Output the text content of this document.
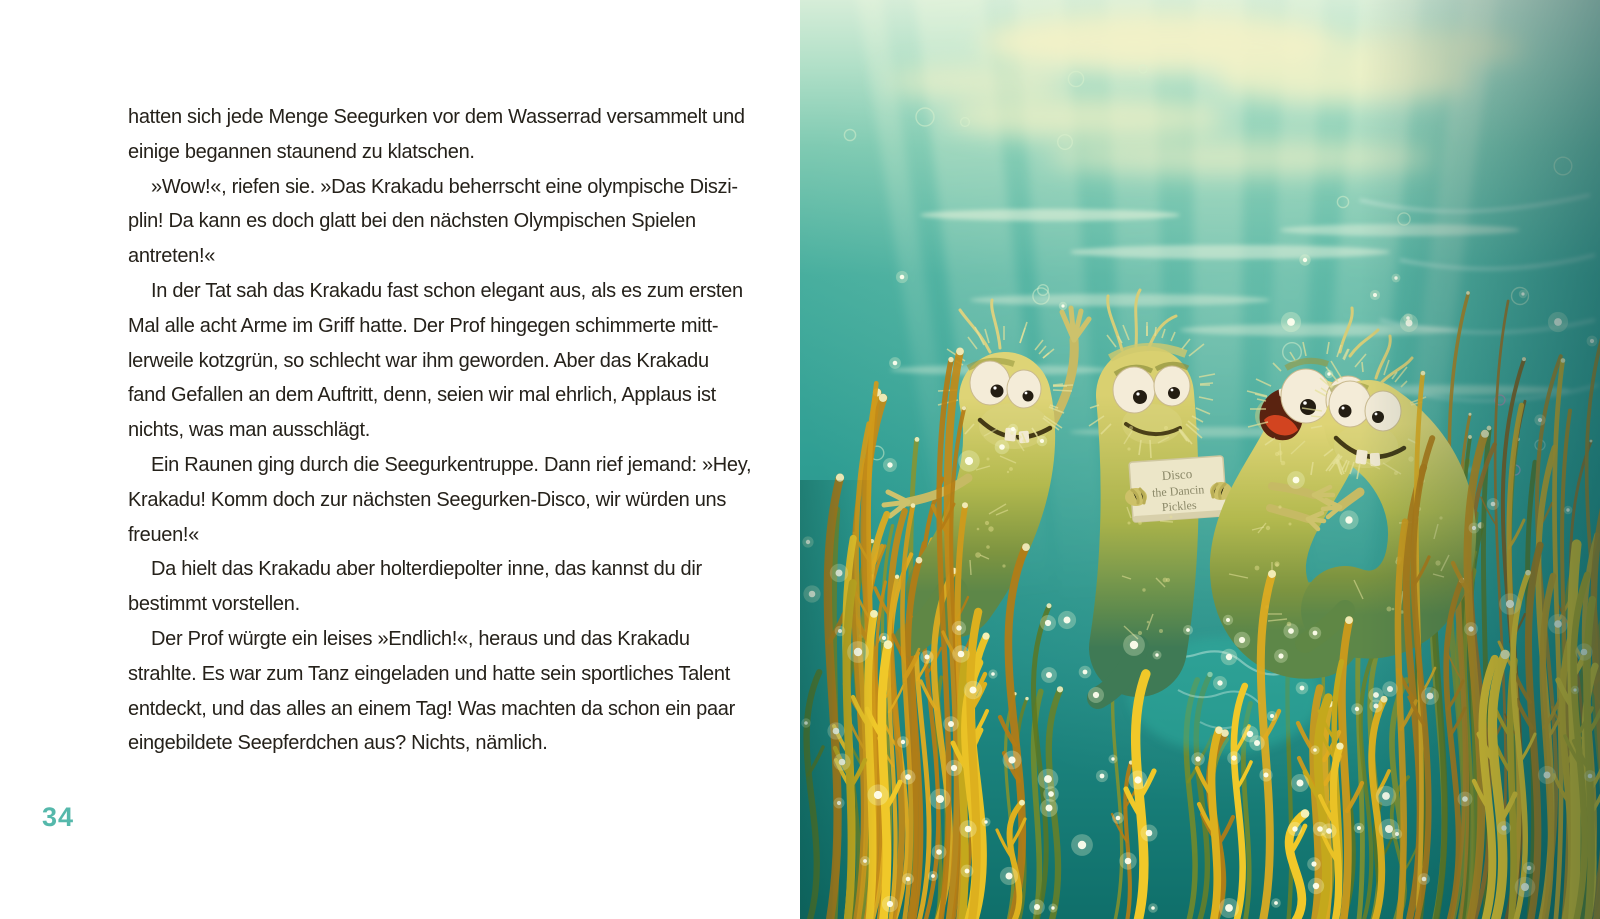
hatten sich jede Menge Seegurken vor dem Wasserrad versammelt und
einige begannen staunend zu klatschen.
»Wow!«, riefen sie. »Das Krakadu beherrscht eine olympische Diszi-
plin! Da kann es doch glatt bei den nächsten Olympischen Spielen
antreten!«
In der Tat sah das Krakadu fast schon elegant aus, als es zum ersten
Mal alle acht Arme im Griff hatte. Der Prof hingegen schimmerte mitt-
lerweile kotzgrün, so schlecht war ihm geworden. Aber das Krakadu
fand Gefallen an dem Auftritt, denn, seien wir mal ehrlich, Applaus ist
nichts, was man ausschlägt.
Ein Raunen ging durch die Seegurkentruppe. Dann rief jemand: »Hey,
Krakadu! Komm doch zur nächsten Seegurken-Disco, wir würden uns
freuen!«
Da hielt das Krakadu aber holterdiepolter inne, das kannst du dir
bestimmt vorstellen.
Der Prof würgte ein leises »Endlich!«, heraus und das Krakadu
strahlte. Es war zum Tanz eingeladen und hatte sein sportliches Talent
entdeckt, und das alles an einem Tag! Was machten da schon ein paar
eingebildete Seepferdchen aus? Nichts, nämlich.
34
